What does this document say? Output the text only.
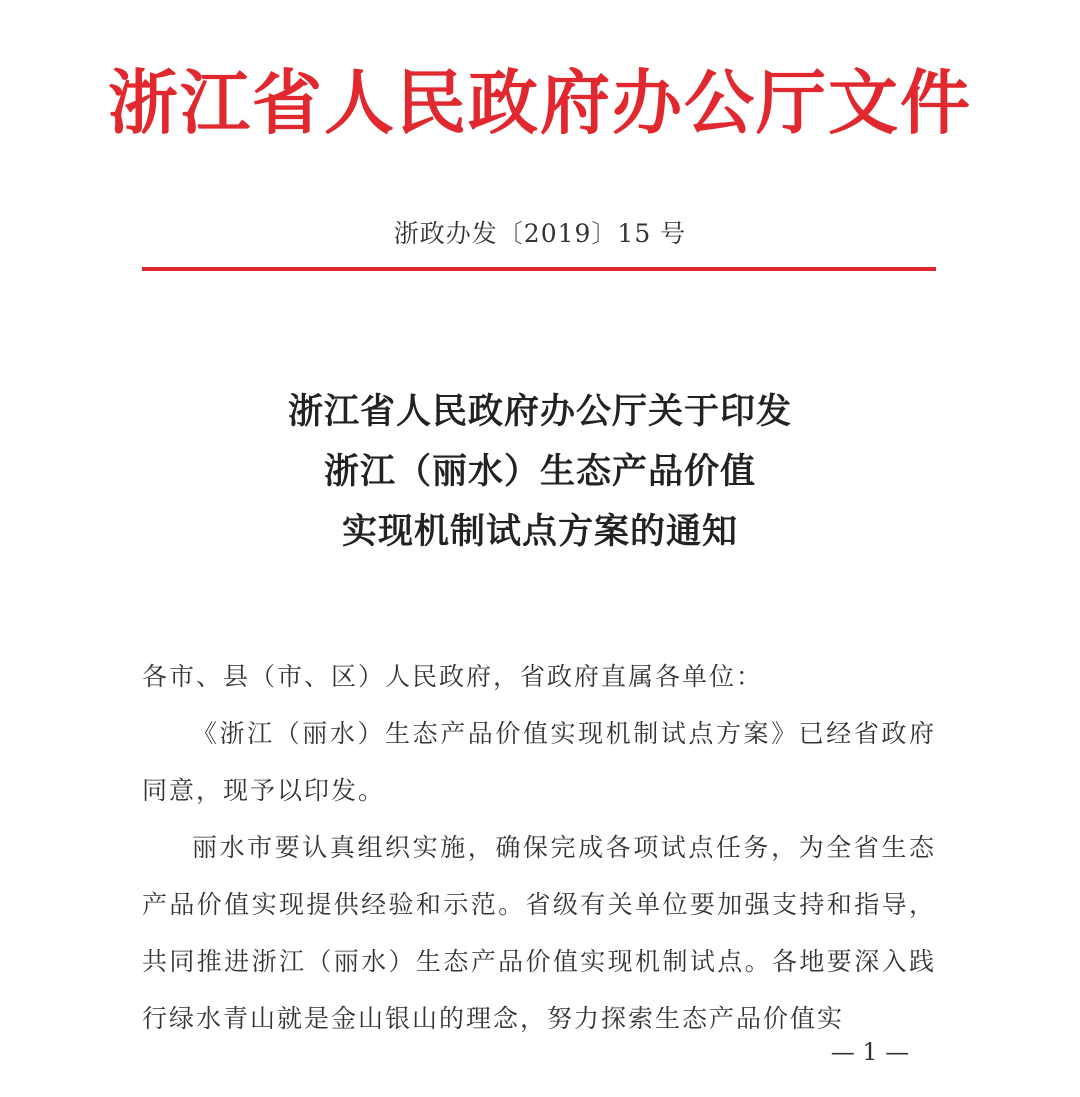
浙江省人民政府办公厅文件
浙政办发〔2019〕15 号
浙江省人民政府办公厅关于印发
浙江（丽水）生态产品价值
实现机制试点方案的通知

各市、县（市、区）人民政府，省政府直属各单位：

《浙江（丽水）生态产品价值实现机制试点方案》已经省政府同意，现予以印发。

丽水市要认真组织实施，确保完成各项试点任务，为全省生态产品价值实现提供经验和示范。省级有关单位要加强支持和指导，共同推进浙江（丽水）生态产品价值实现机制试点。各地要深入践行绿水青山就是金山银山的理念，努力探索生态产品价值实

— 1 —
